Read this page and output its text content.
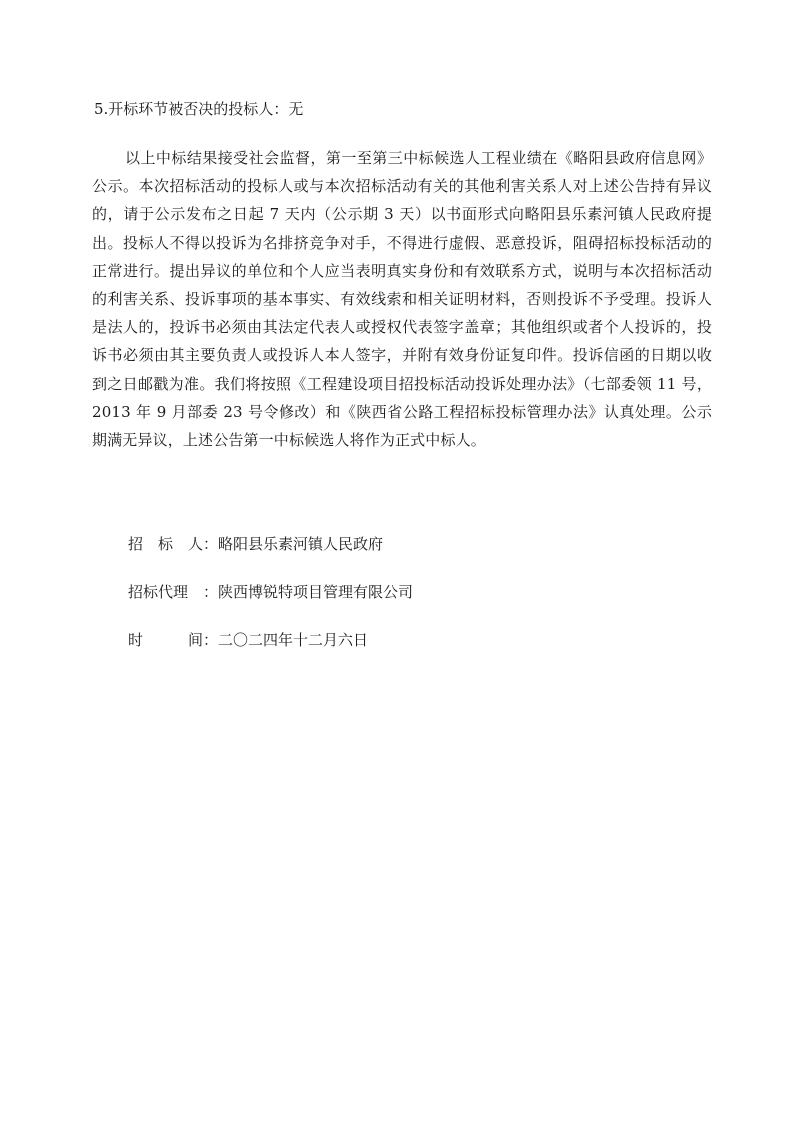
5.开标环节被否决的投标人：无

以上中标结果接受社会监督，第一至第三中标候选人工程业绩在《略阳县政府信息网》公示。本次招标活动的投标人或与本次招标活动有关的其他利害关系人对上述公告持有异议的，请于公示发布之日起 7 天内（公示期 3 天）以书面形式向略阳县乐素河镇人民政府提出。投标人不得以投诉为名排挤竞争对手，不得进行虚假、恶意投诉，阻碍招标投标活动的正常进行。提出异议的单位和个人应当表明真实身份和有效联系方式，说明与本次招标活动的利害关系、投诉事项的基本事实、有效线索和相关证明材料，否则投诉不予受理。投诉人是法人的，投诉书必须由其法定代表人或授权代表签字盖章；其他组织或者个人投诉的，投诉书必须由其主要负责人或投诉人本人签字，并附有效身份证复印件。投诉信函的日期以收到之日邮戳为准。我们将按照《工程建设项目招投标活动投诉处理办法》（七部委领 11 号，2013 年 9 月部委 23 号令修改）和《陕西省公路工程招标投标管理办法》认真处理。公示期满无异议，上述公告第一中标候选人将作为正式中标人。

招 标 人 ：略阳县乐素河镇人民政府
招标代理 ：陕西博锐特项目管理有限公司
时	间 ：二〇二四年十二月六日
